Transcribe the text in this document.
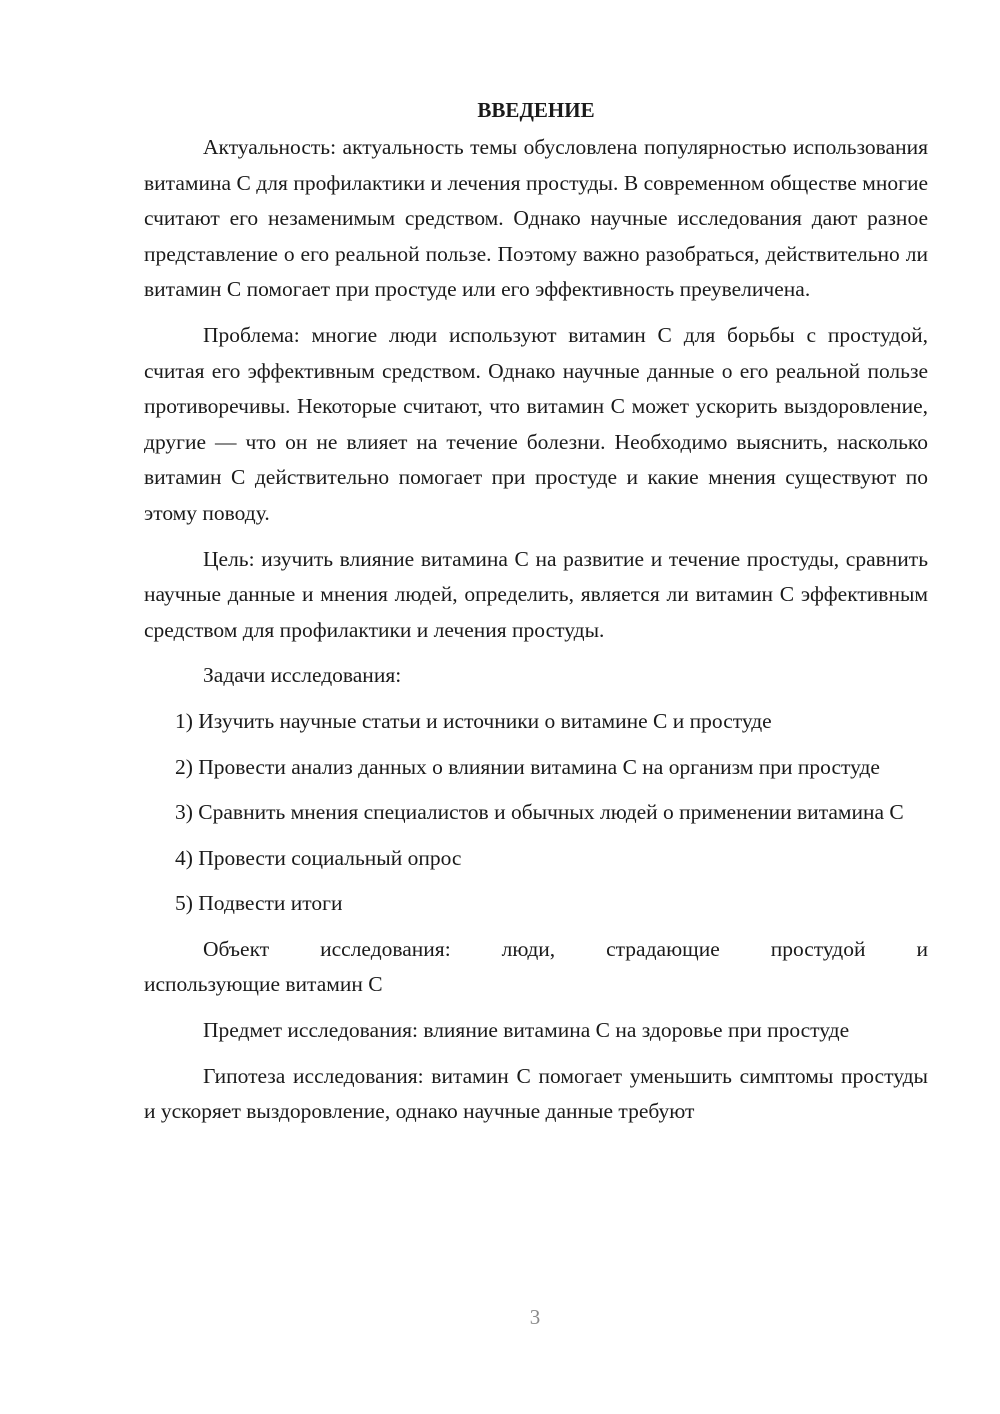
ВВЕДЕНИЕ

Актуальность: актуальность темы обусловлена популярностью использования витамина С для профилактики и лечения простуды. В современном обществе многие считают его незаменимым средством. Однако научные исследования дают разное представление о его реальной пользе. Поэтому важно разобраться, действительно ли витамин С помогает при простуде или его эффективность преувеличена.

Проблема: многие люди используют витамин С для борьбы с простудой, считая его эффективным средством. Однако научные данные о его реальной пользе противоречивы. Некоторые считают, что витамин С может ускорить выздоровление, другие — что он не влияет на течение болезни. Необходимо выяснить, насколько витамин С действительно помогает при простуде и какие мнения существуют по этому поводу.

Цель: изучить влияние витамина С на развитие и течение простуды, сравнить научные данные и мнения людей, определить, является ли витамин С эффективным средством для профилактики и лечения простуды.

Задачи исследования:

1) Изучить научные статьи и источники о витамине С и простуде

2) Провести анализ данных о влиянии витамина С на организм при простуде

3) Сравнить мнения специалистов и обычных людей о применении витамина С

4) Провести социальный опрос

5) Подвести итоги

Объект исследования: люди, страдающие простудой и
использующие витамин С

Предмет исследования: влияние витамина С на здоровье при простуде

Гипотеза исследования: витамин С помогает уменьшить симптомы простуды и ускоряет выздоровление, однако научные данные требуют

3
